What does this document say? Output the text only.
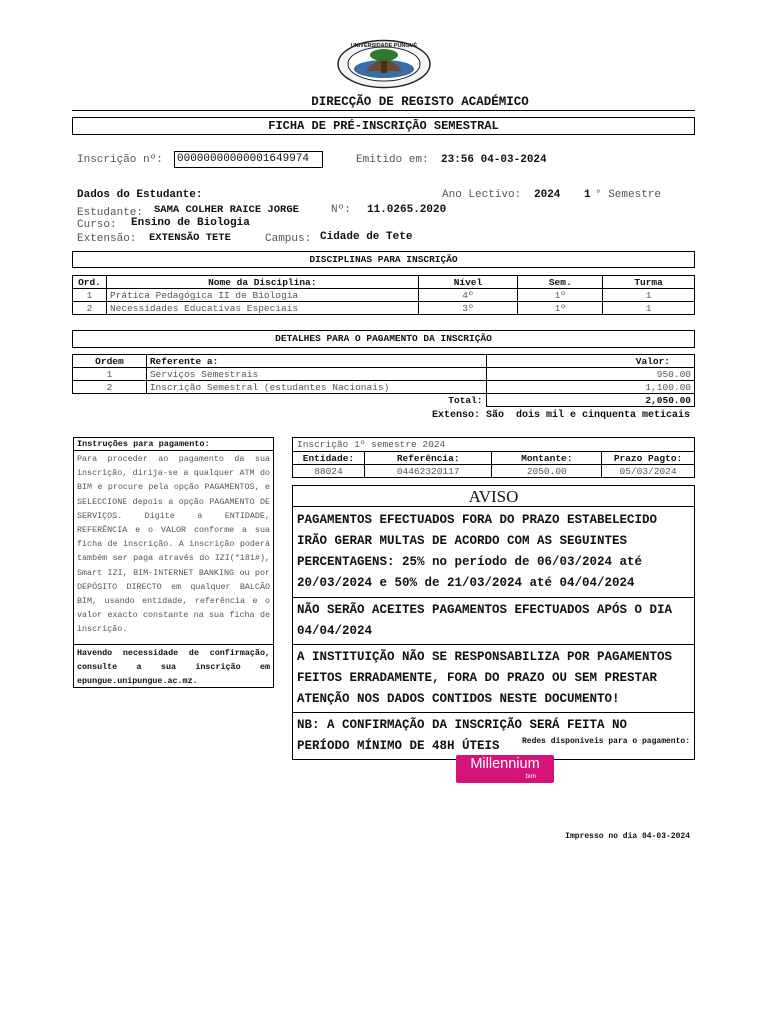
UNIVERSIDADE PÚNGUÈ
DIRECÇÃO DE REGISTO ACADÉMICO
FICHA DE PRÉ-INSCRIÇÃO SEMESTRAL
Inscrição nº: 00000000000001649974	Emitido em: 23:56 04-03-2024
Dados do Estudante:	Ano Lectivo: 2024 1 ° Semestre
Estudante: SAMA COLHER RAICE JORGE	Nº: 11.0265.2020
Curso: Ensino de Biologia
Extensão: EXTENSÃO TETE	Campus: Cidade de Tete
DISCIPLINAS PARA INSCRIÇÃO
Ord.	Nome da Disciplina:	Nível	Sem.	Turma
1	Prática Pedagógica II de Biologia	4º	1º	1
2	Necessidades Educativas Especiais	3º	1º	1
DETALHES PARA O PAGAMENTO DA INSCRIÇÃO
Ordem	Referente a:	Valor:
1	Serviços Semestrais	950.00
2	Inscrição Semestral (estudantes Nacionais)	1,100.00
	Total:	2,050.00
Extenso: São  dois mil e cinquenta meticais
Instruções para pagamento:
Para proceder ao pagamento da sua inscrição, dirija-se a qualquer ATM do BIM e procure pela opção PAGAMENTOS, e SELECCIONE depois a opção PAGAMENTO DE SERVIÇOS. Digite a ENTIDADE, REFERÊNCIA e o VALOR conforme a sua ficha de inscrição. A inscrição poderá também ser paga através do IZI(*181#), Smart IZI, BIM-INTERNET BANKING ou por DEPÓSITO DIRECTO em qualquer BALCÃO BIM, usando entidade, referência e o valor exacto constante na sua ficha de inscrição.
Havendo necessidade de confirmação, consulte a sua inscrição em epungue.unipungue.ac.mz.
Inscrição 1º semestre 2024
Entidade:	Referência:	Montante:	Prazo Pagto:
88024	04462320117	2050.00	05/03/2024
AVISO
PAGAMENTOS EFECTUADOS FORA DO PRAZO ESTABELECIDO
IRÃO GERAR MULTAS DE ACORDO COM AS SEGUINTES
PERCENTAGENS: 25% no período de 06/03/2024 até
20/03/2024 e 50% de 21/03/2024 até 04/04/2024
NÃO SERÃO ACEITES PAGAMENTOS EFECTUADOS APÓS O DIA
04/04/2024
A INSTITUIÇÃO NÃO SE RESPONSABILIZA POR PAGAMENTOS
FEITOS ERRADAMENTE, FORA DO PRAZO OU SEM PRESTAR
ATENÇÃO NOS DADOS CONTIDOS NESTE DOCUMENTO!
NB: A CONFIRMAÇÃO DA INSCRIÇÃO SERÁ FEITA NO
PERÍODO MÍNIMO DE 48H ÚTEIS	Redes disponíveis para o pagamento:
Millennium
bim
Impresso no dia 04-03-2024
